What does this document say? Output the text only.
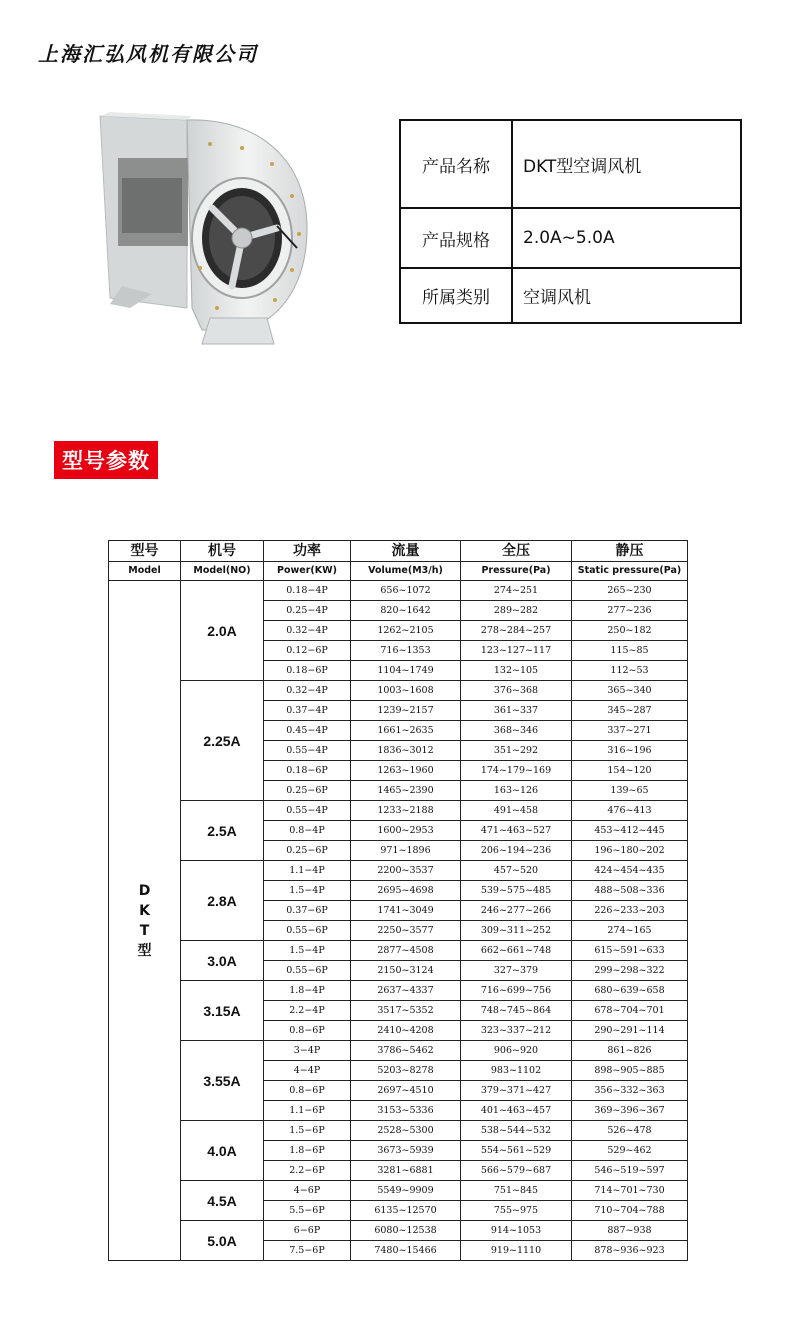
上海汇弘风机有限公司
产品名称	DKT型空调风机
产品规格	2.0A~5.0A
所属类别	空调风机
型号参数
型号	机号	功率	流量	全压	静压
Model	Model(NO)	Power(KW)	Volume(M3/h)	Pressure(Pa)	Static pressure(Pa)

D
K
T
型	2.0A	0.18−4P	656~1072	274~251	265~230
		0.25−4P	820~1642	289~282	277~236
		0.32−4P	1262~2105	278~284~257	250~182
		0.12−6P	716~1353	123~127~117	115~85
		0.18−6P	1104~1749	132~105	112~53
	2.25A	0.32−4P	1003~1608	376~368	365~340
		0.37−4P	1239~2157	361~337	345~287
		0.45−4P	1661~2635	368~346	337~271
		0.55−4P	1836~3012	351~292	316~196
		0.18−6P	1263~1960	174~179~169	154~120
		0.25−6P	1465~2390	163~126	139~65
	2.5A	0.55−4P	1233~2188	491~458	476~413
		0.8−4P	1600~2953	471~463~527	453~412~445
		0.25−6P	971~1896	206~194~236	196~180~202
	2.8A	1.1−4P	2200~3537	457~520	424~454~435
		1.5−4P	2695~4698	539~575~485	488~508~336
		0.37−6P	1741~3049	246~277~266	226~233~203
		0.55−6P	2250~3577	309~311~252	274~165
	3.0A	1.5−4P	2877~4508	662~661~748	615~591~633
		0.55−6P	2150~3124	327~379	299~298~322
	3.15A	1.8−4P	2637~4337	716~699~756	680~639~658
		2.2−4P	3517~5352	748~745~864	678~704~701
		0.8−6P	2410~4208	323~337~212	290~291~114
	3.55A	3−4P	3786~5462	906~920	861~826
		4−4P	5203~8278	983~1102	898~905~885
		0.8−6P	2697~4510	379~371~427	356~332~363
		1.1−6P	3153~5336	401~463~457	369~396~367
	4.0A	1.5−6P	2528~5300	538~544~532	526~478
		1.8−6P	3673~5939	554~561~529	529~462
		2.2−6P	3281~6881	566~579~687	546~519~597
	4.5A	4−6P	5549~9909	751~845	714~701~730
		5.5−6P	6135~12570	755~975	710~704~788
	5.0A	6−6P	6080~12538	914~1053	887~938
		7.5−6P	7480~15466	919~1110	878~936~923
